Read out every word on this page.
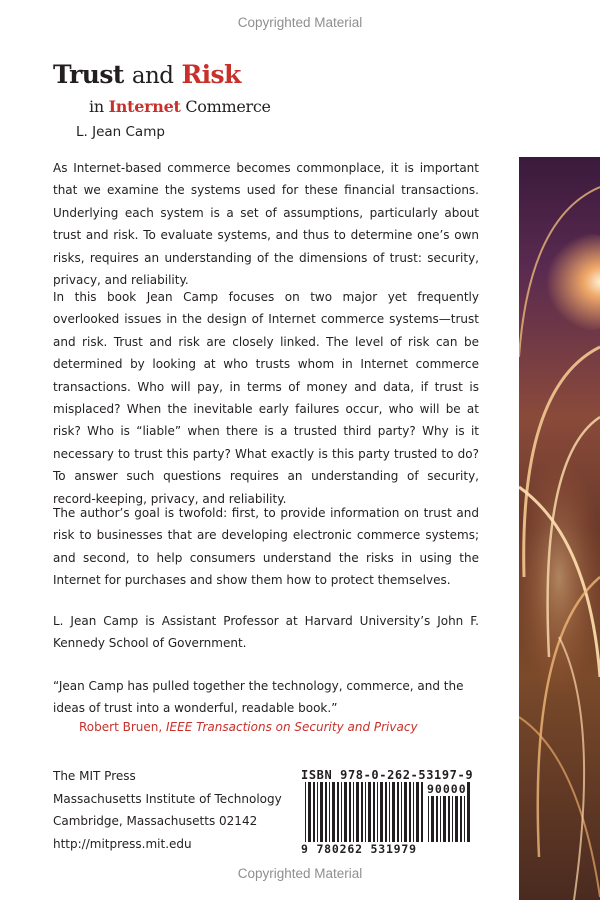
Copyrighted Material
Trust and Risk
in Internet Commerce
L. Jean Camp

As Internet-based commerce becomes commonplace, it is important that we examine the systems used for these financial transactions. Underlying each system is a set of assumptions, particularly about trust and risk. To evaluate systems, and thus to determine one’s own risks, requires an understanding of the dimensions of trust: security, privacy, and reliability.

In this book Jean Camp focuses on two major yet frequently overlooked issues in the design of Internet commerce systems—trust and risk. Trust and risk are closely linked. The level of risk can be determined by looking at who trusts whom in Internet commerce transactions. Who will pay, in terms of money and data, if trust is misplaced? When the inevitable early failures occur, who will be at risk? Who is “liable” when there is a trusted third party? Why is it necessary to trust this party? What exactly is this party trusted to do? To answer such questions requires an understanding of security, record-keeping, privacy, and reliability.

The author’s goal is twofold: first, to provide information on trust and risk to businesses that are developing electronic commerce systems; and second, to help consumers understand the risks in using the Internet for purchases and show them how to protect themselves.

L. Jean Camp is Assistant Professor at Harvard University’s John F. Kennedy School of Government.

“Jean Camp has pulled together the technology, commerce, and the ideas of trust into a wonderful, readable book.”

Robert Bruen, IEEE Transactions on Security and Privacy
The MIT Press
Massachusetts Institute of Technology
Cambridge, Massachusetts 02142
http://mitpress.mit.edu
ISBN 978-0-262-53197-9
90000
9 780262 531979
Copyrighted Material
